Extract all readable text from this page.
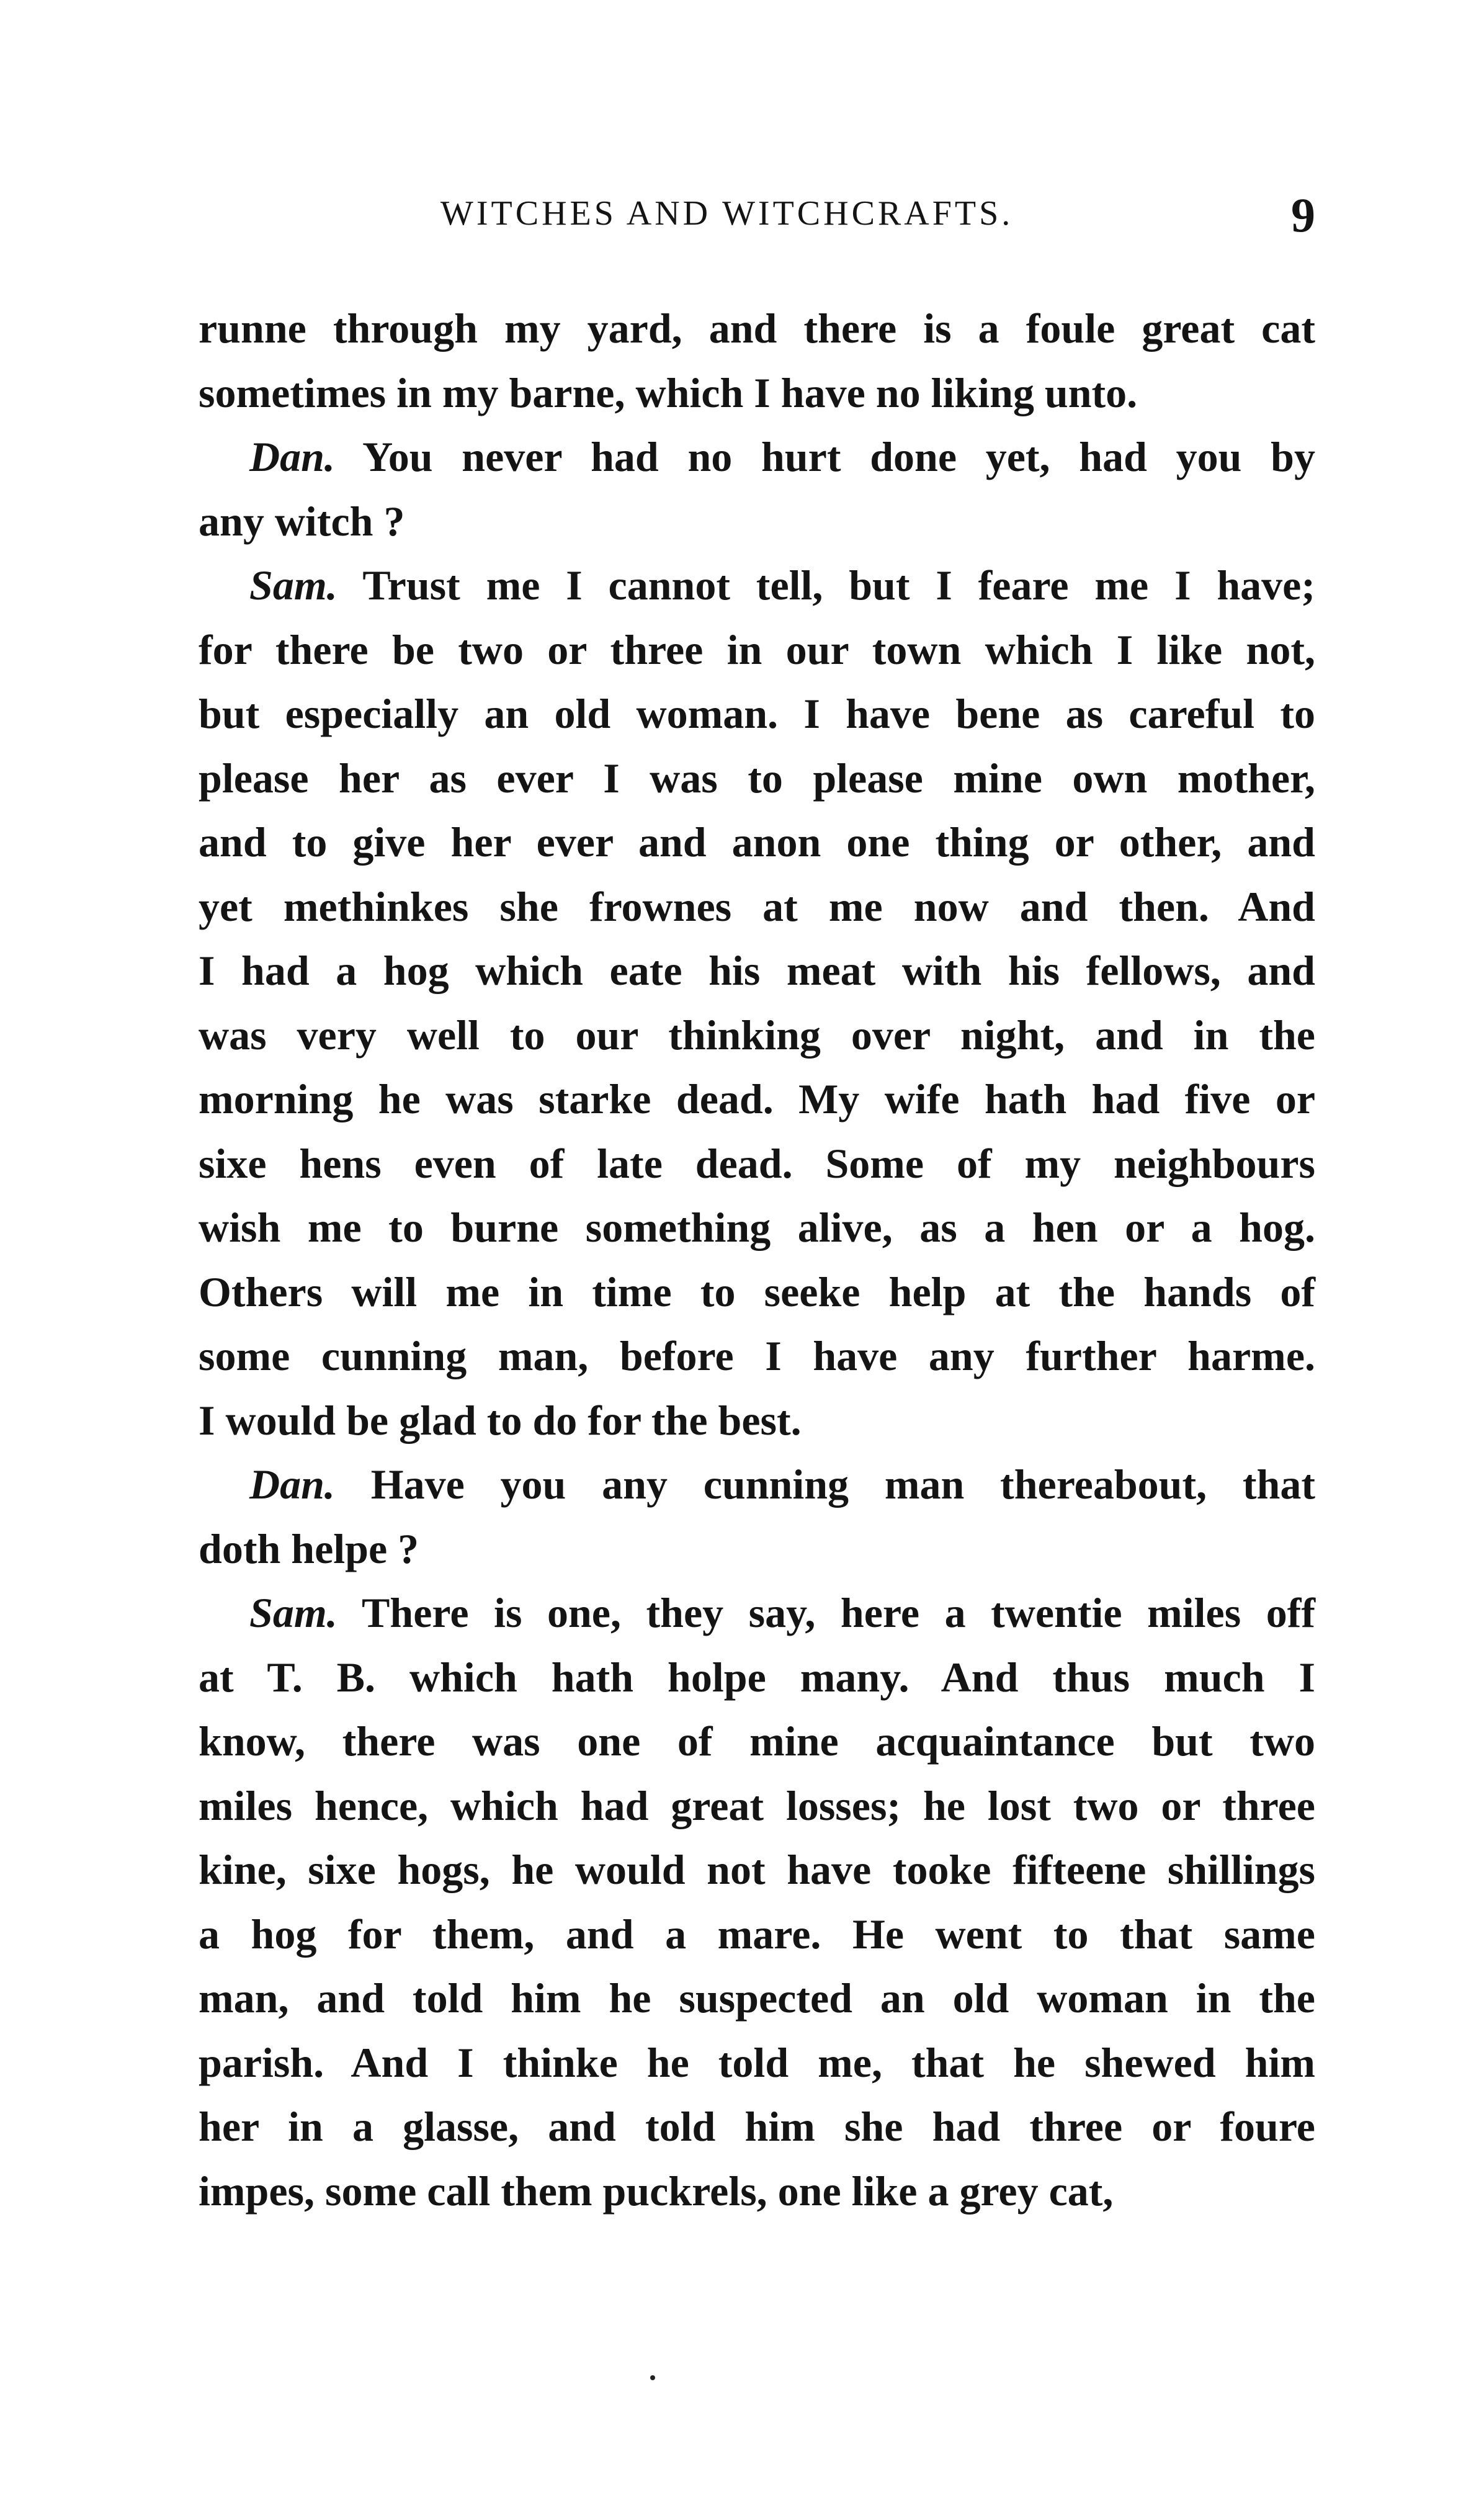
WITCHES AND WITCHCRAFTS.	9
runne through my yard, and there is a foule great cat
sometimes in my barne, which I have no liking unto.
Dan. You never had no hurt done yet, had you by
any witch ?
Sam. Trust me I cannot tell, but I feare me I have;
for there be two or three in our town which I like not,
but especially an old woman. I have bene as careful to
please her as ever I was to please mine own mother,
and to give her ever and anon one thing or other, and
yet methinkes she frownes at me now and then. And
I had a hog which eate his meat with his fellows, and
was very well to our thinking over night, and in the
morning he was starke dead. My wife hath had five or
sixe hens even of late dead. Some of my neighbours
wish me to burne something alive, as a hen or a hog.
Others will me in time to seeke help at the hands of
some cunning man, before I have any further harme.
I would be glad to do for the best.
Dan. Have you any cunning man thereabout, that
doth helpe ?
Sam. There is one, they say, here a twentie miles off
at T. B. which hath holpe many. And thus much I
know, there was one of mine acquaintance but two
miles hence, which had great losses; he lost two or three
kine, sixe hogs, he would not have tooke fifteene shillings
a hog for them, and a mare. He went to that same
man, and told him he suspected an old woman in the
parish. And I thinke he told me, that he shewed him
her in a glasse, and told him she had three or foure
impes, some call them puckrels, one like a grey cat,
